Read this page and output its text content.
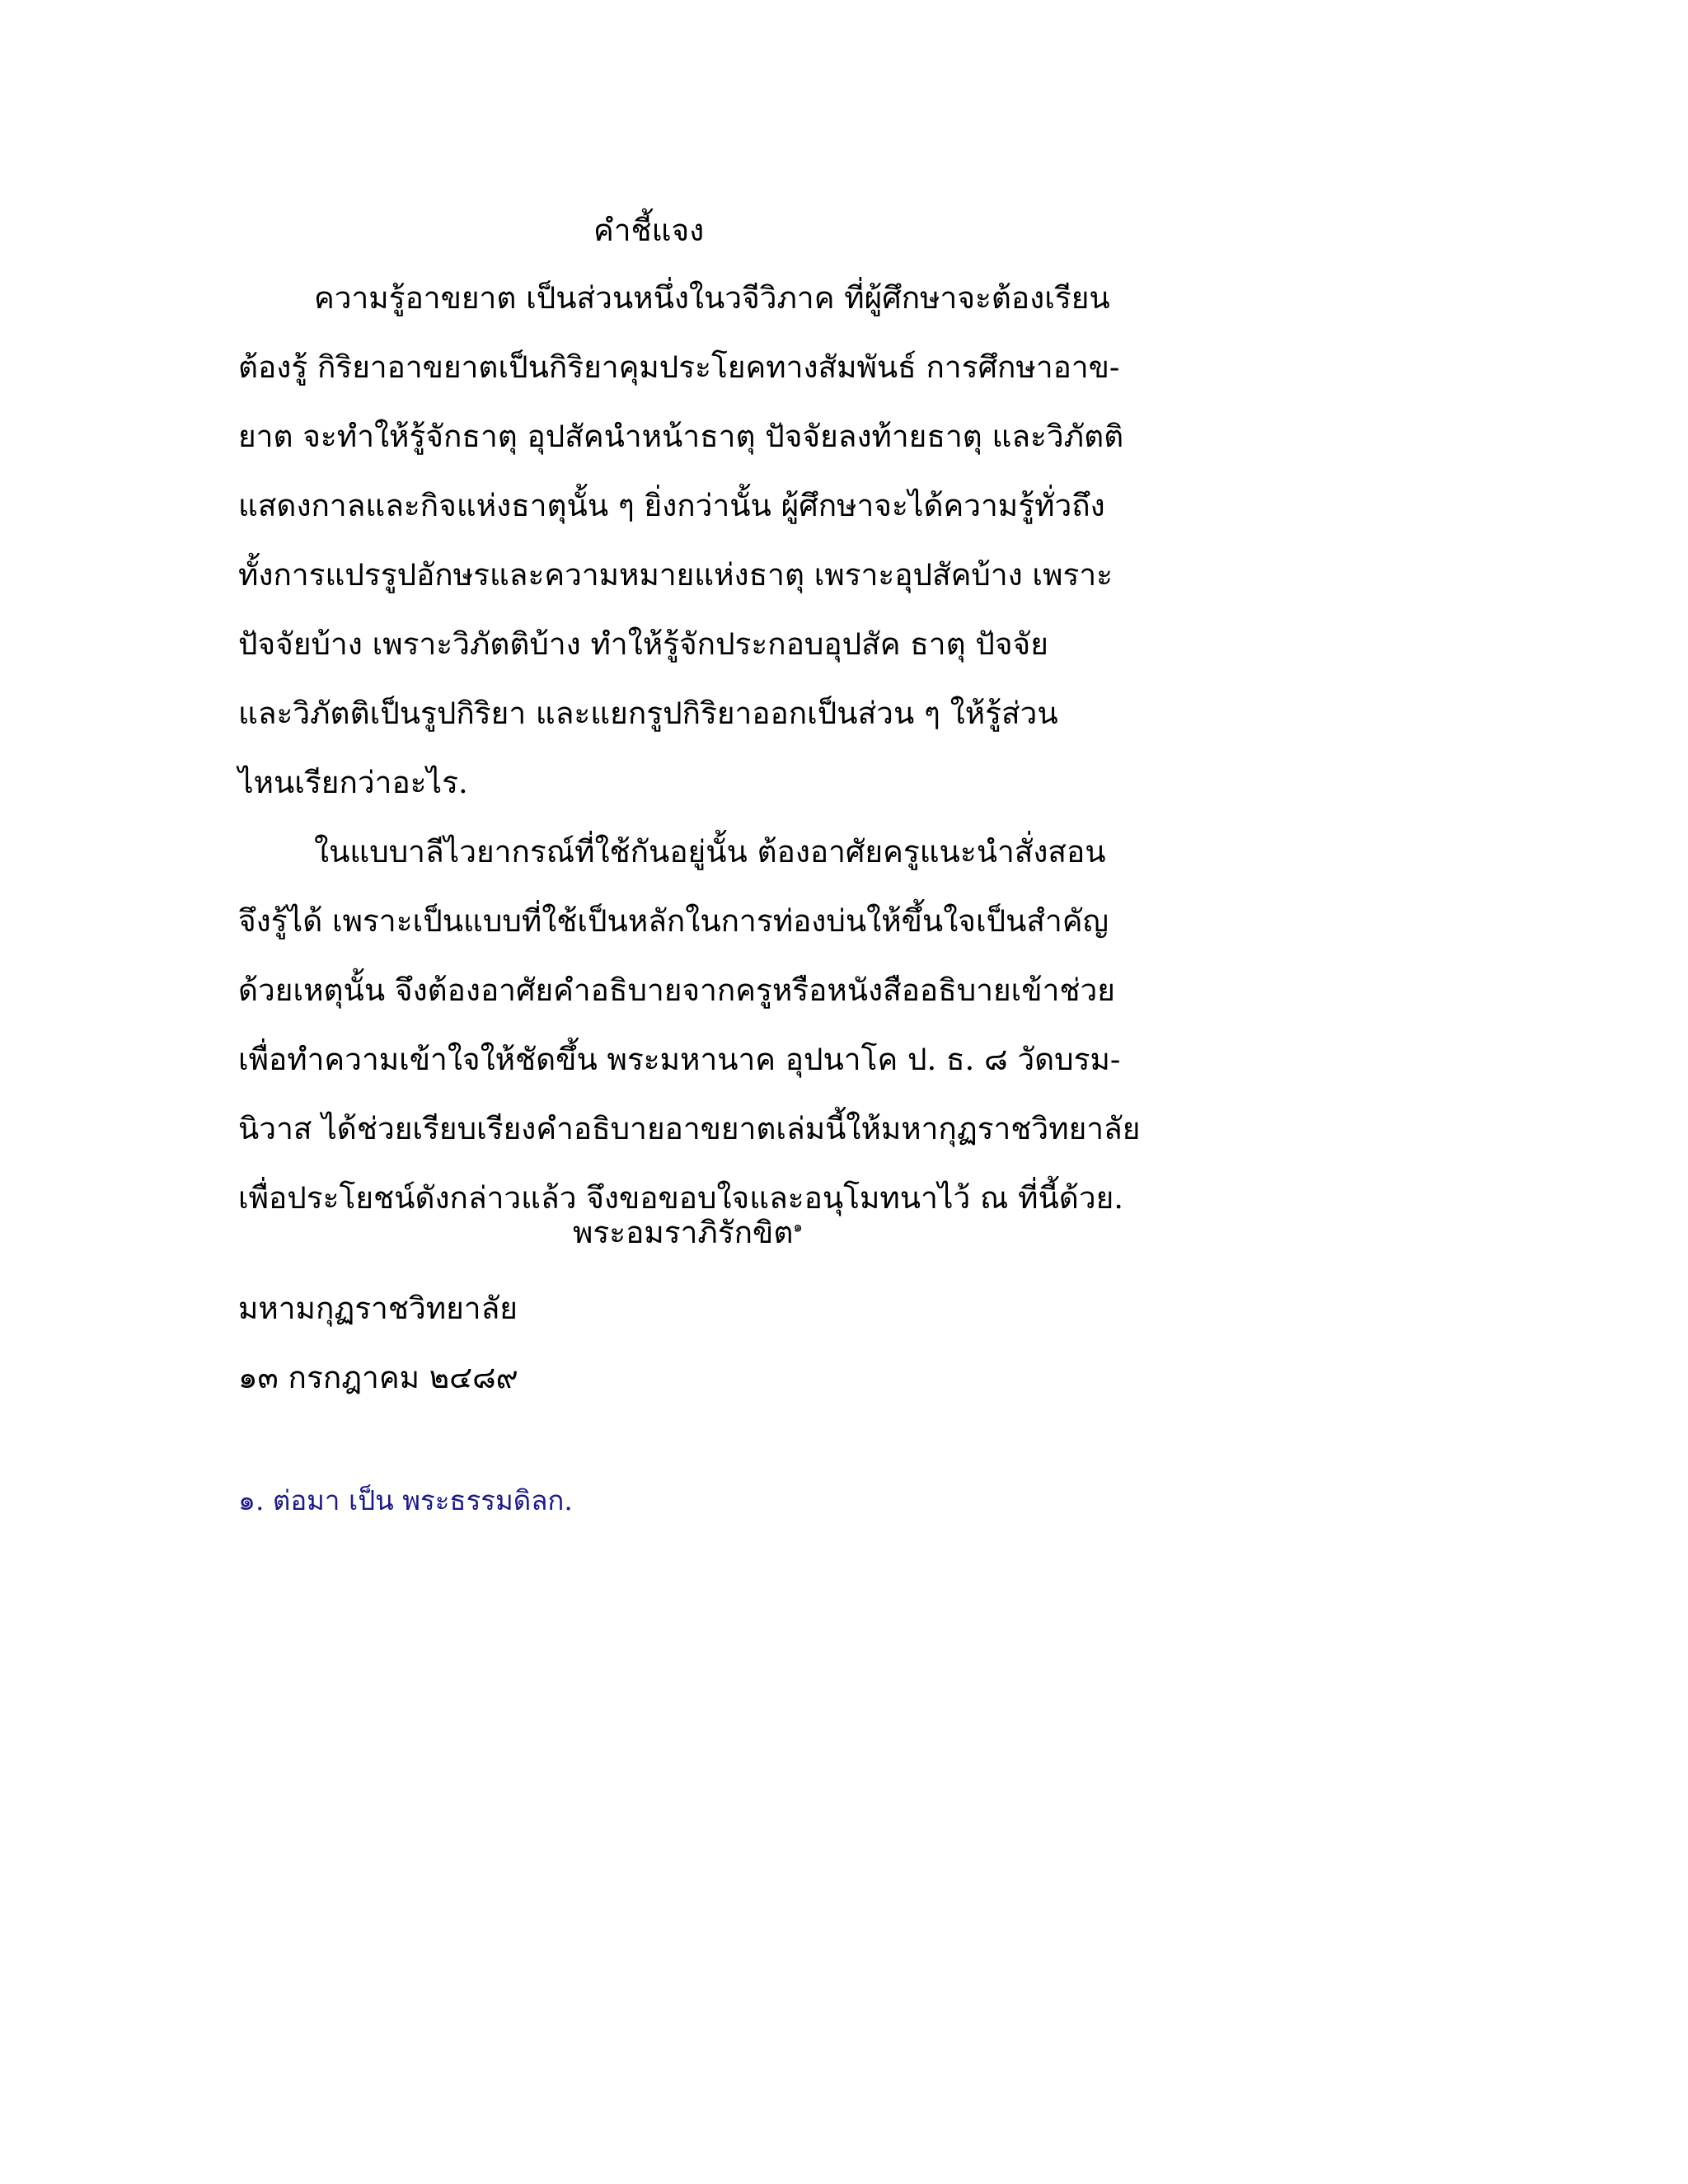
คำชี้แจง
ความรู้อาขยาต เป็นส่วนหนึ่งในวจีวิภาค ที่ผู้ศึกษาจะต้องเรียน
ต้องรู้ กิริยาอาขยาตเป็นกิริยาคุมประโยคทางสัมพันธ์ การศึกษาอาข-
ยาต จะทำให้รู้จักธาตุ อุปสัคนำหน้าธาตุ ปัจจัยลงท้ายธาตุ และวิภัตติ
แสดงกาลและกิจแห่งธาตุนั้น ๆ ยิ่งกว่านั้น ผู้ศึกษาจะได้ความรู้ทั่วถึง
ทั้งการแปรรูปอักษรและความหมายแห่งธาตุ เพราะอุปสัคบ้าง เพราะ
ปัจจัยบ้าง เพราะวิภัตติบ้าง ทำให้รู้จักประกอบอุปสัค ธาตุ ปัจจัย
และวิภัตติเป็นรูปกิริยา และแยกรูปกิริยาออกเป็นส่วน ๆ ให้รู้ส่วน
ไหนเรียกว่าอะไร.
ในแบบาลีไวยากรณ์ที่ใช้กันอยู่นั้น ต้องอาศัยครูแนะนำสั่งสอน
จึงรู้ได้ เพราะเป็นแบบที่ใช้เป็นหลักในการท่องบ่นให้ขึ้นใจเป็นสำคัญ
ด้วยเหตุนั้น จึงต้องอาศัยคำอธิบายจากครูหรือหนังสืออธิบายเข้าช่วย
เพื่อทำความเข้าใจให้ชัดขึ้น พระมหานาค อุปนาโค ป. ธ. ๘ วัดบรม-
นิวาส ได้ช่วยเรียบเรียงคำอธิบายอาขยาตเล่มนี้ให้มหากุฏราชวิทยาลัย
เพื่อประโยชน์ดังกล่าวแล้ว จึงขอขอบใจและอนุโมทนาไว้ ณ ที่นี้ด้วย.
พระอมราภิรักขิต$^๑$
มหามกุฏราชวิทยาลัย
๑๓ กรกฎาคม ๒๔๘๙
๑. ต่อมา เป็น พระธรรมดิลก.
